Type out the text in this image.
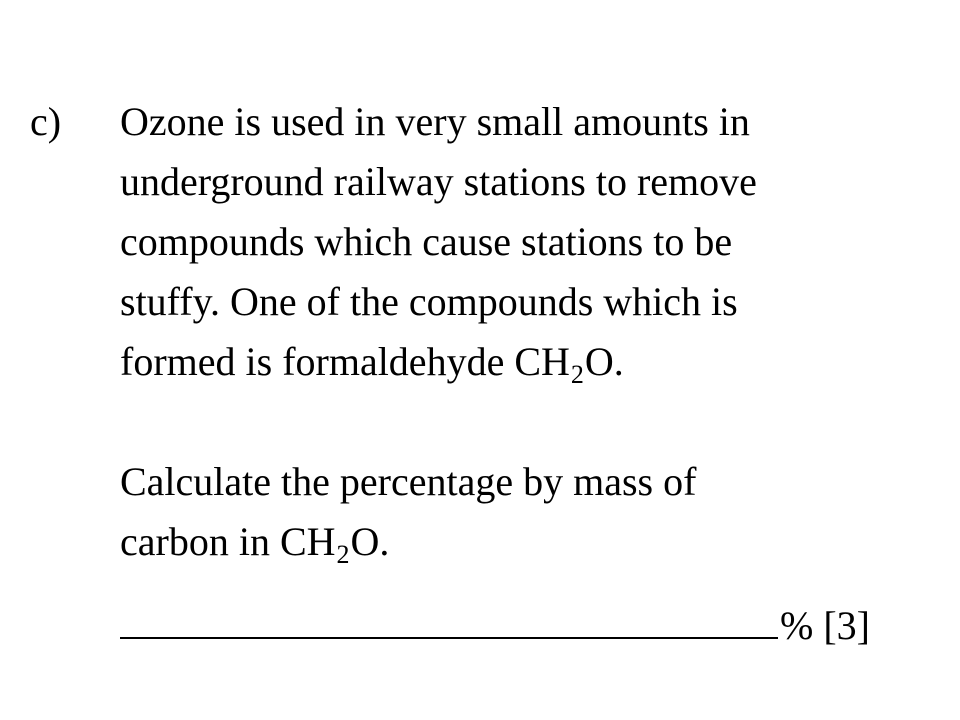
c) Ozone is used in very small amounts in
underground railway stations to remove
compounds which cause stations to be
stuffy. One of the compounds which is
formed is formaldehyde $CH_2O$.
Calculate the percentage by mass of
carbon in $CH_2O$.
% [3]
